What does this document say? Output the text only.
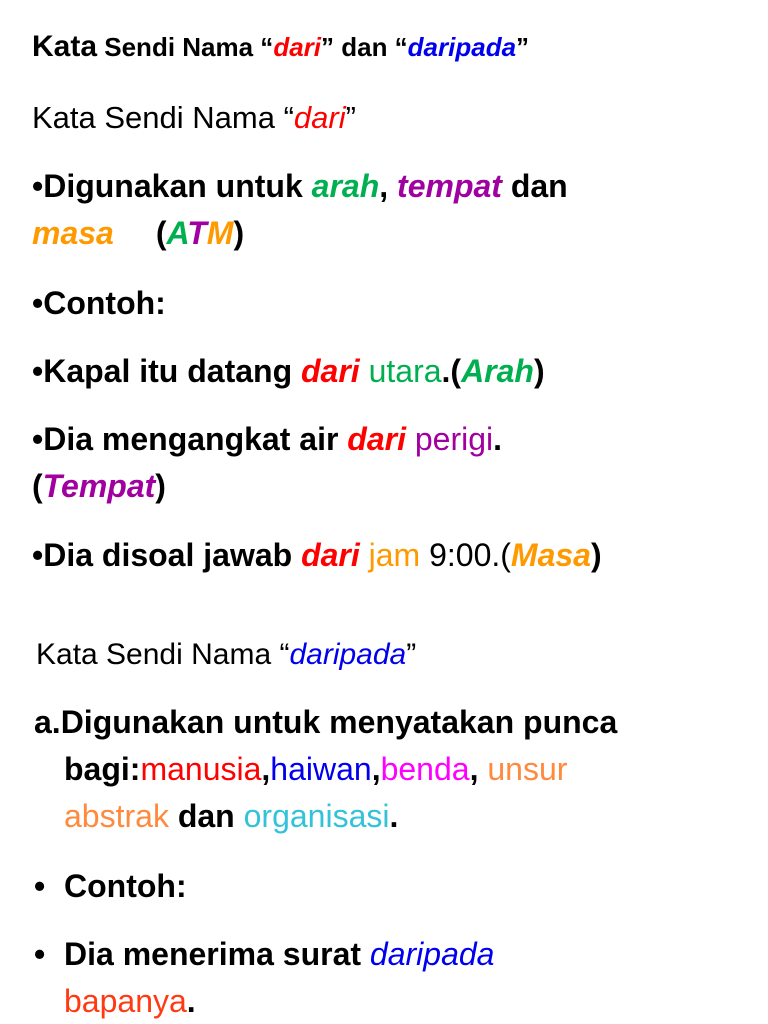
Kata Sendi Nama “dari” dan “daripada”
Kata Sendi Nama “dari”
•Digunakan untuk arah, tempat dan
masa (ATM)
•Contoh:
•Kapal itu datang dari utara.(Arah)
•Dia mengangkat air dari perigi.
(Tempat)
•Dia disoal jawab dari jam 9:00.(Masa)
Kata Sendi Nama “daripada”
a.Digunakan untuk menyatakan punca
bagi:manusia,haiwan,benda, unsur
abstrak dan organisasi.
• Contoh:
• Dia menerima surat daripada
bapanya.
